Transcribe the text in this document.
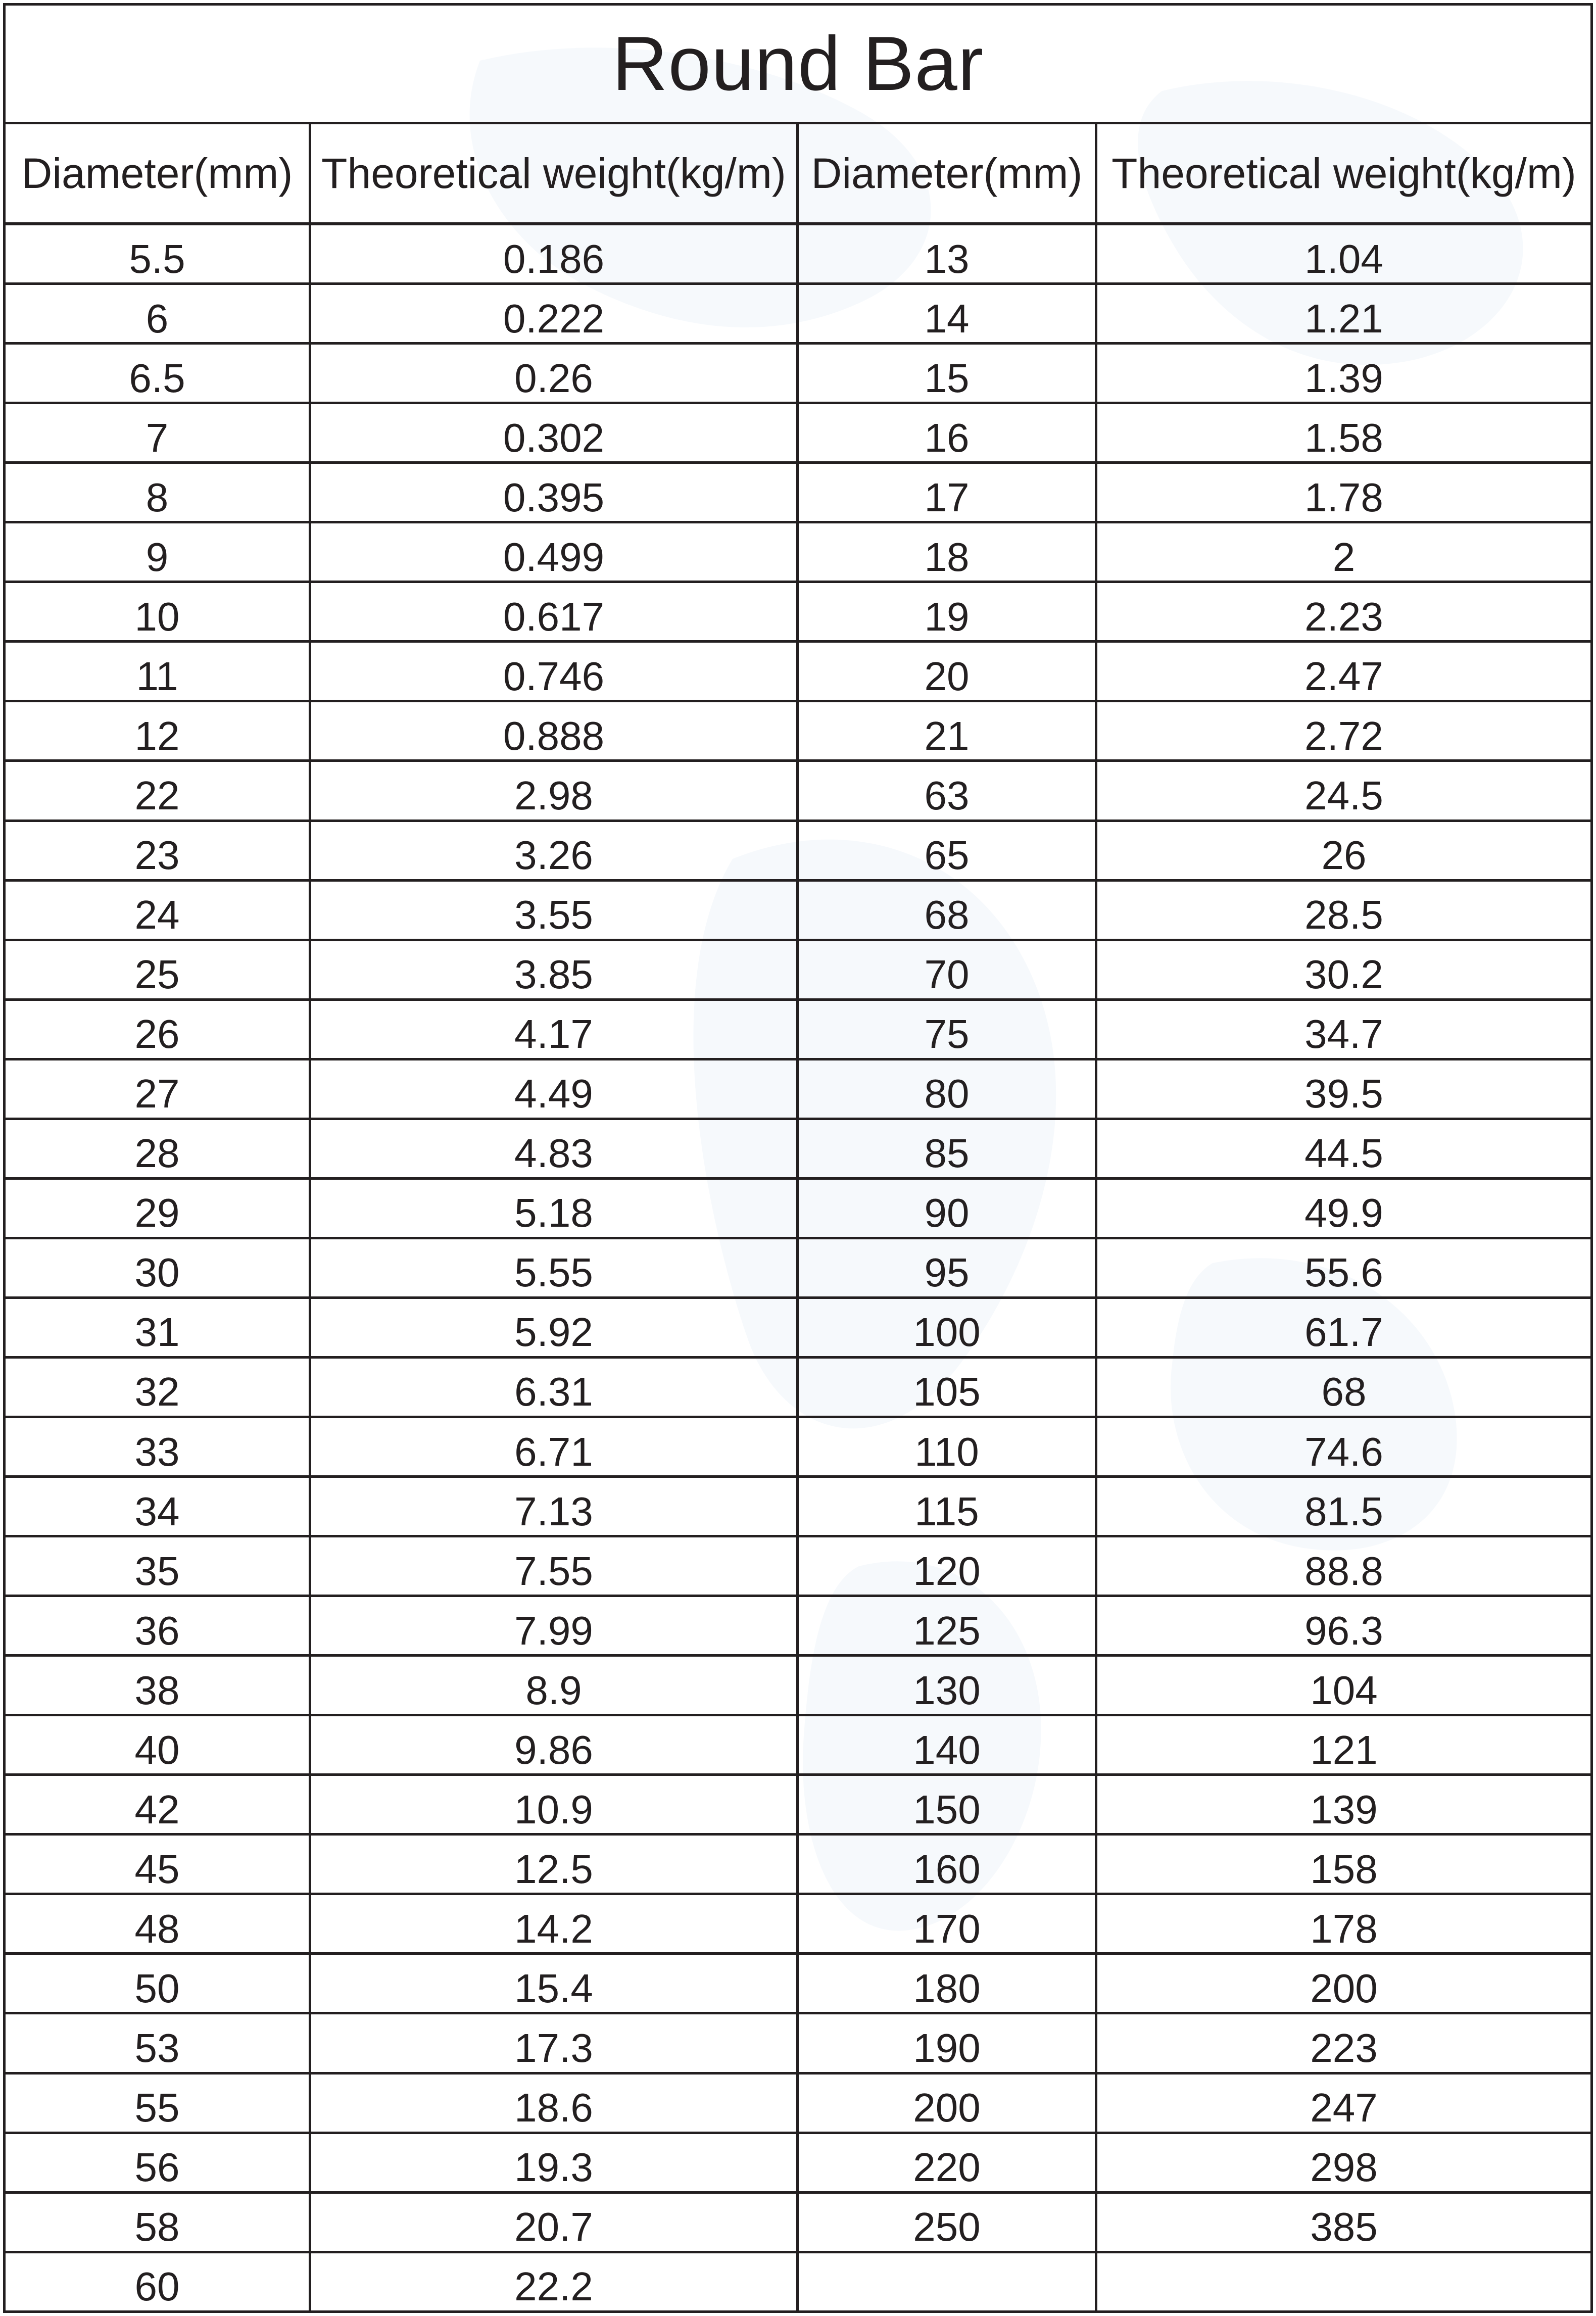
Round Bar			
Diameter(mm)	Theoretical weight(kg/m)	Diameter(mm)	Theoretical weight(kg/m)
5.5	0.186	13	1.04
6	0.222	14	1.21
6.5	0.26	15	1.39
7	0.302	16	1.58
8	0.395	17	1.78
9	0.499	18	2
10	0.617	19	2.23
11	0.746	20	2.47
12	0.888	21	2.72
22	2.98	63	24.5
23	3.26	65	26
24	3.55	68	28.5
25	3.85	70	30.2
26	4.17	75	34.7
27	4.49	80	39.5
28	4.83	85	44.5
29	5.18	90	49.9
30	5.55	95	55.6
31	5.92	100	61.7
32	6.31	105	68
33	6.71	110	74.6
34	7.13	115	81.5
35	7.55	120	88.8
36	7.99	125	96.3
38	8.9	130	104
40	9.86	140	121
42	10.9	150	139
45	12.5	160	158
48	14.2	170	178
50	15.4	180	200
53	17.3	190	223
55	18.6	200	247
56	19.3	220	298
58	20.7	250	385
60	22.2		
